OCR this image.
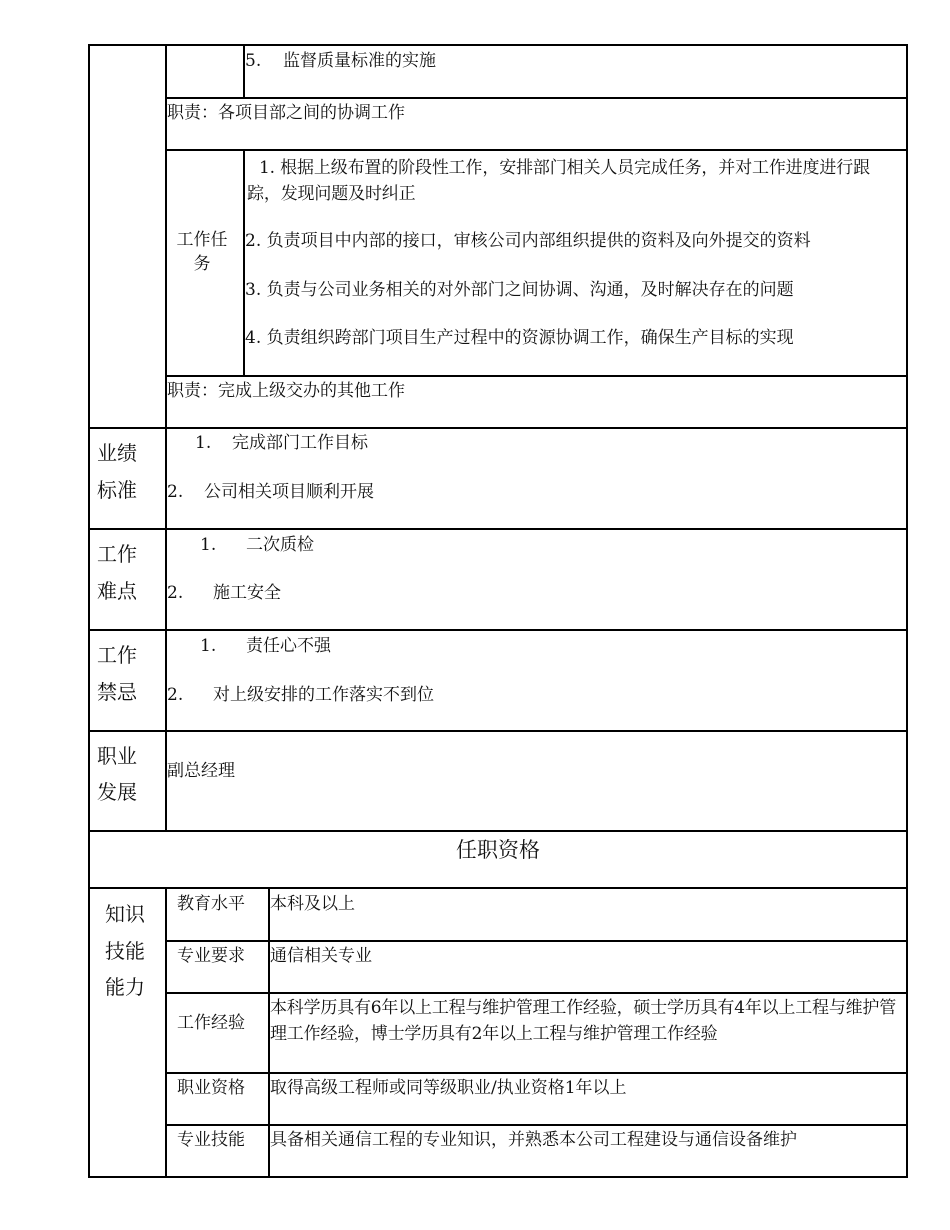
5. 监督质量标准的实施
职责：各项目部之间的协调工作
工作任务
1. 根据上级布置的阶段性工作，安排部门相关人员完成任务，并对工作进度进行跟踪，发现问题及时纠正
2. 负责项目中内部的接口，审核公司内部组织提供的资料及向外提交的资料
3. 负责与公司业务相关的对外部门之间协调、沟通，及时解决存在的问题
4. 负责组织跨部门项目生产过程中的资源协调工作，确保生产目标的实现
职责：完成上级交办的其他工作
业绩
标准
1. 完成部门工作目标
2. 公司相关项目顺利开展
工作
难点
1. 二次质检
2. 施工安全
工作
禁忌
1. 责任心不强
2. 对上级安排的工作落实不到位
职业
发展
副总经理
任职资格
知识
技能
能力
教育水平 本科及以上
专业要求 通信相关专业
工作经验
本科学历具有6年以上工程与维护管理工作经验，硕士学历具有4年以上工程与维护管理工作经验，博士学历具有2年以上工程与维护管理工作经验
职业资格 取得高级工程师或同等级职业/执业资格1年以上
专业技能 具备相关通信工程的专业知识，并熟悉本公司工程建设与通信设备维护
